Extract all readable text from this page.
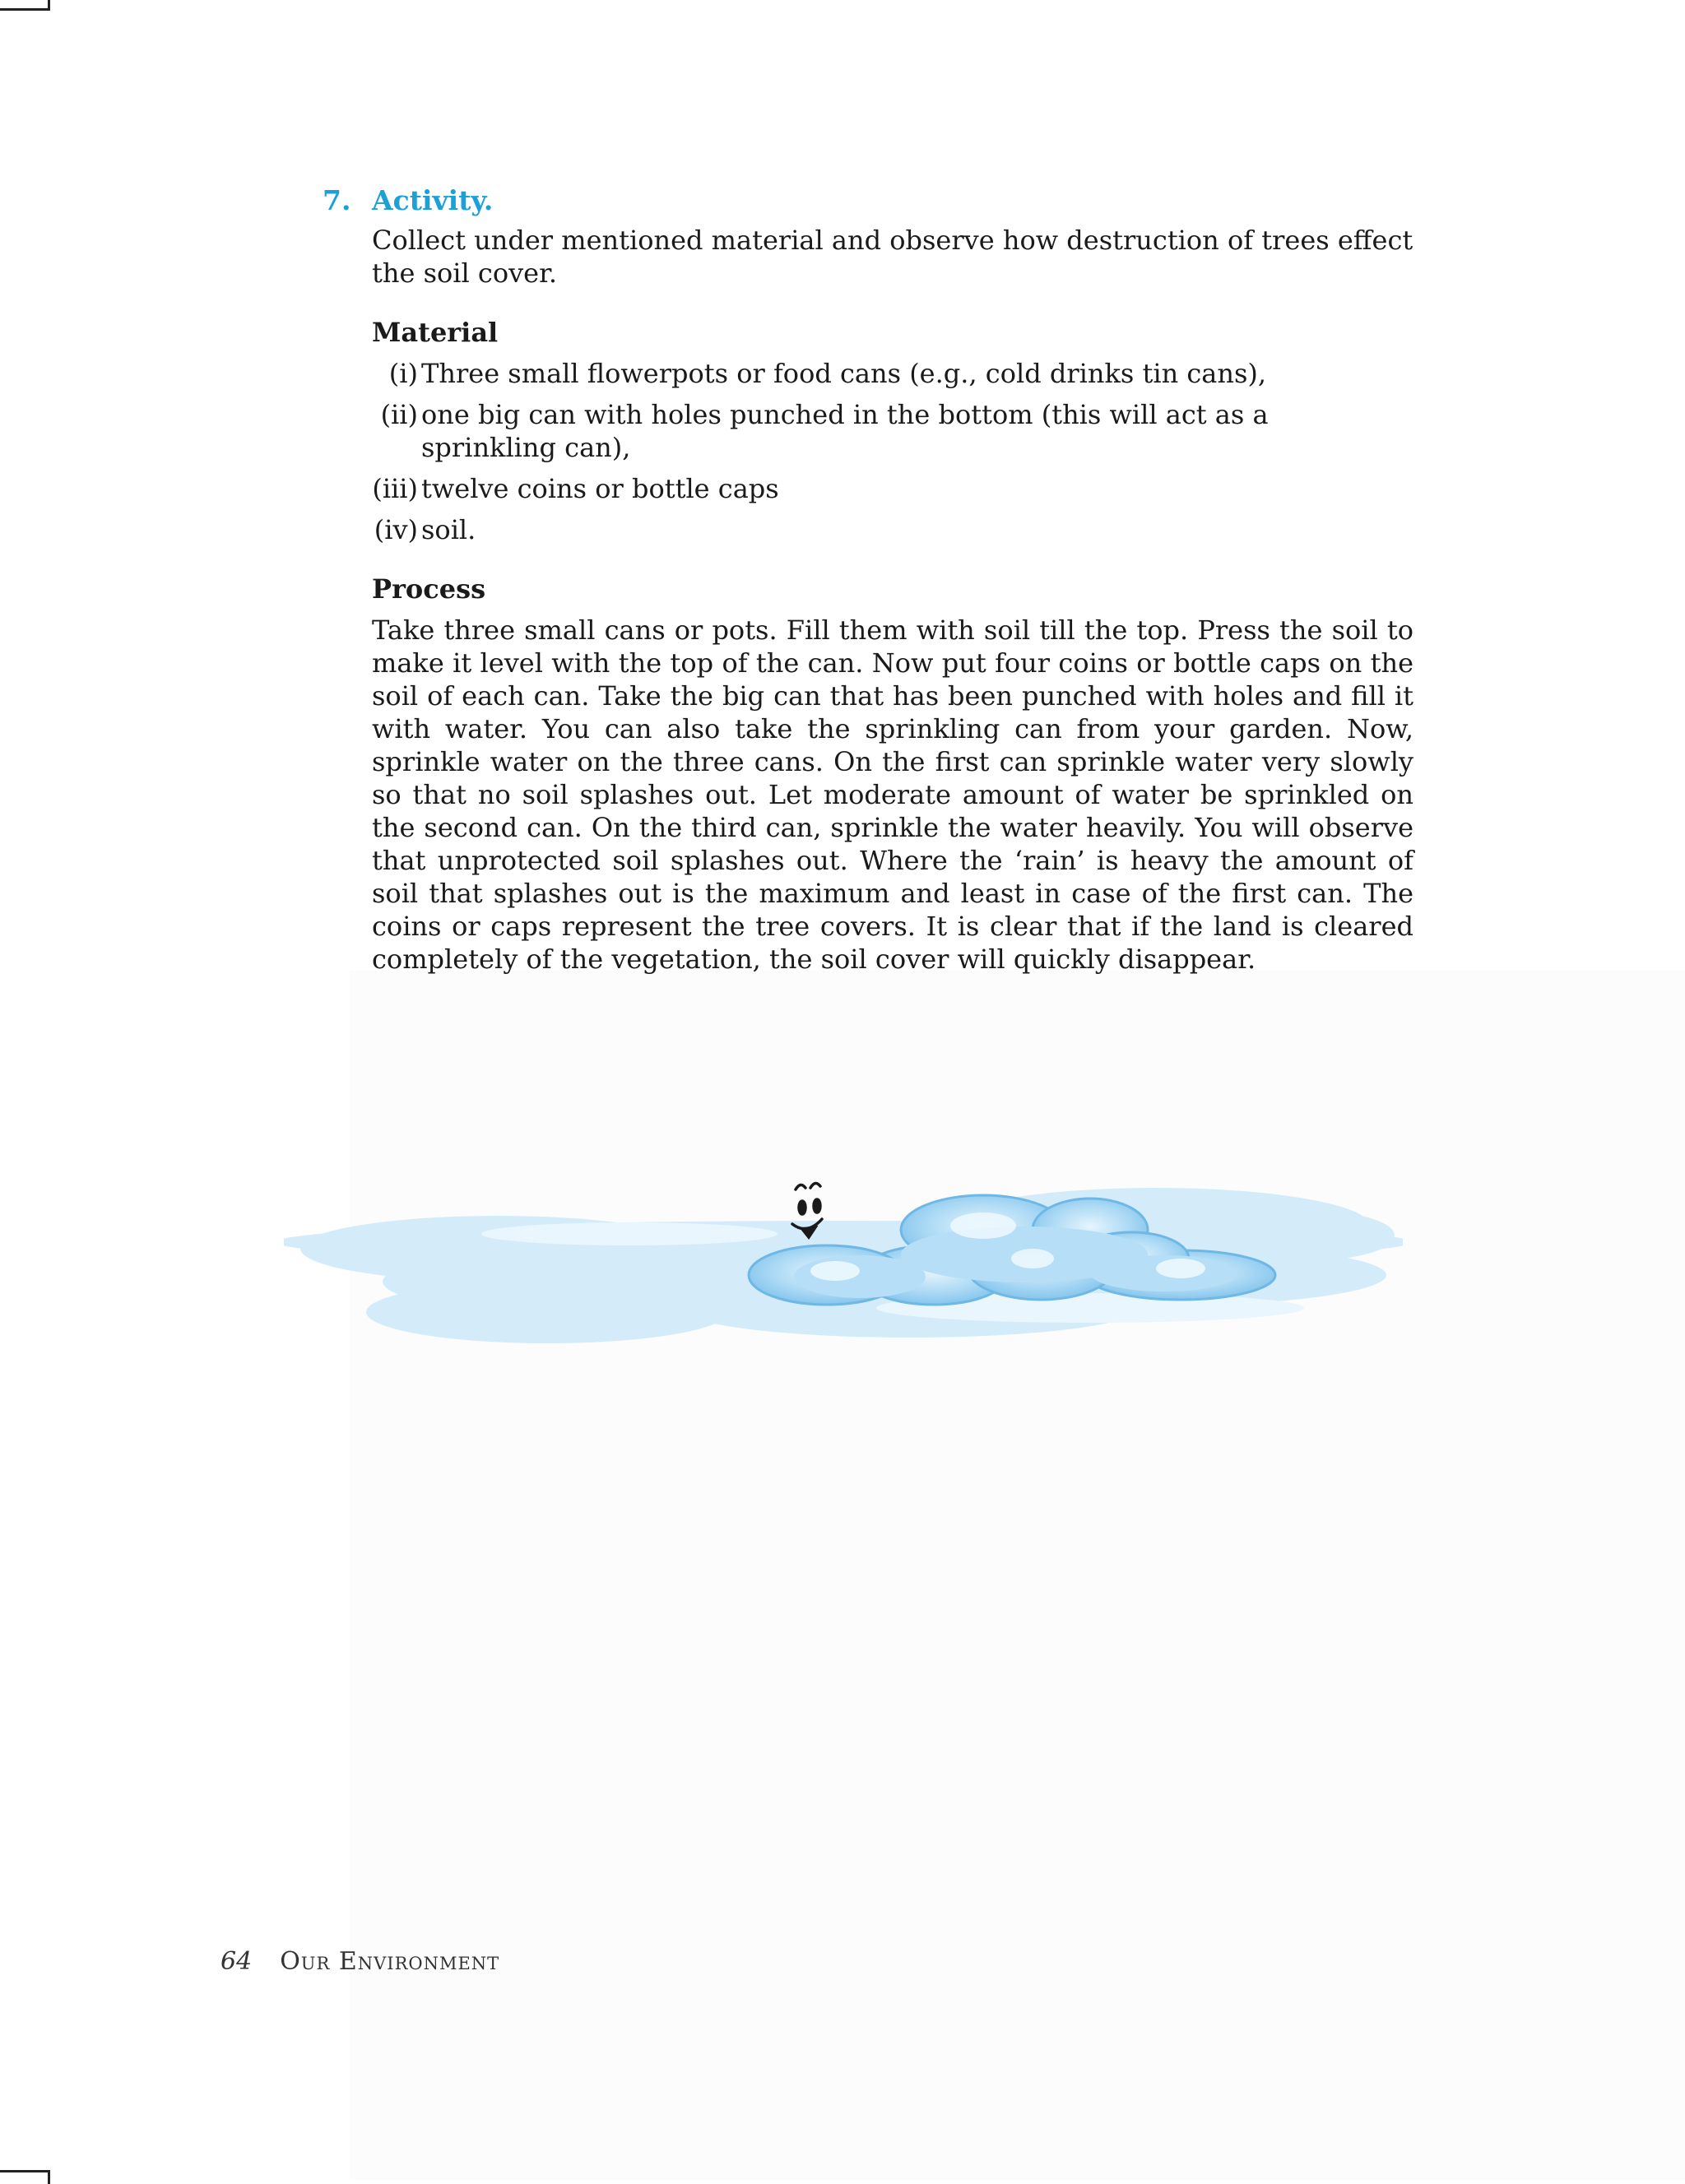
7. Activity.

Collect under mentioned material and observe how destruction of trees effect the soil cover.

Material
(i) Three small flowerpots or food cans (e.g., cold drinks tin cans),
(ii) one big can with holes punched in the bottom (this will act as a sprinkling can),
(iii) twelve coins or bottle caps
(iv) soil.
Process

Take three small cans or pots. Fill them with soil till the top. Press the soil to make it level with the top of the can. Now put four coins or bottle caps on the soil of each can. Take the big can that has been punched with holes and fill it with water. You can also take the sprinkling can from your garden. Now, sprinkle water on the three cans. On the first can sprinkle water very slowly so that no soil splashes out. Let moderate amount of water be sprinkled on the second can. On the third can, sprinkle the water heavily. You will observe that unprotected soil splashes out. Where the ‘rain’ is heavy the amount of soil that splashes out is the maximum and least in case of the first can. The coins or caps represent the tree covers. It is clear that if the land is cleared completely of the vegetation, the soil cover will quickly disappear.

64 Our Environment
